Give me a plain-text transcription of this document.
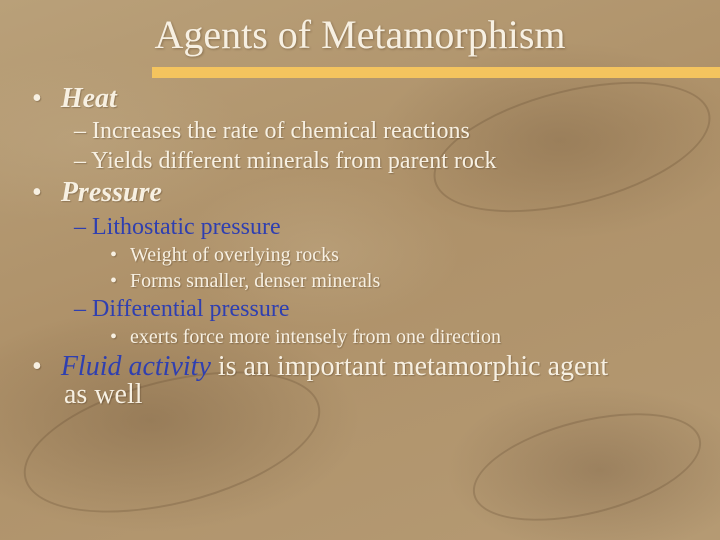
Agents of Metamorphism
• Heat
– Increases the rate of chemical reactions
– Yields different minerals from parent rock
• Pressure
– Lithostatic pressure
• Weight of overlying rocks
• Forms smaller, denser minerals
– Differential pressure
• exerts force more intensely from one direction
• Fluid activity is an important metamorphic agent
as well
